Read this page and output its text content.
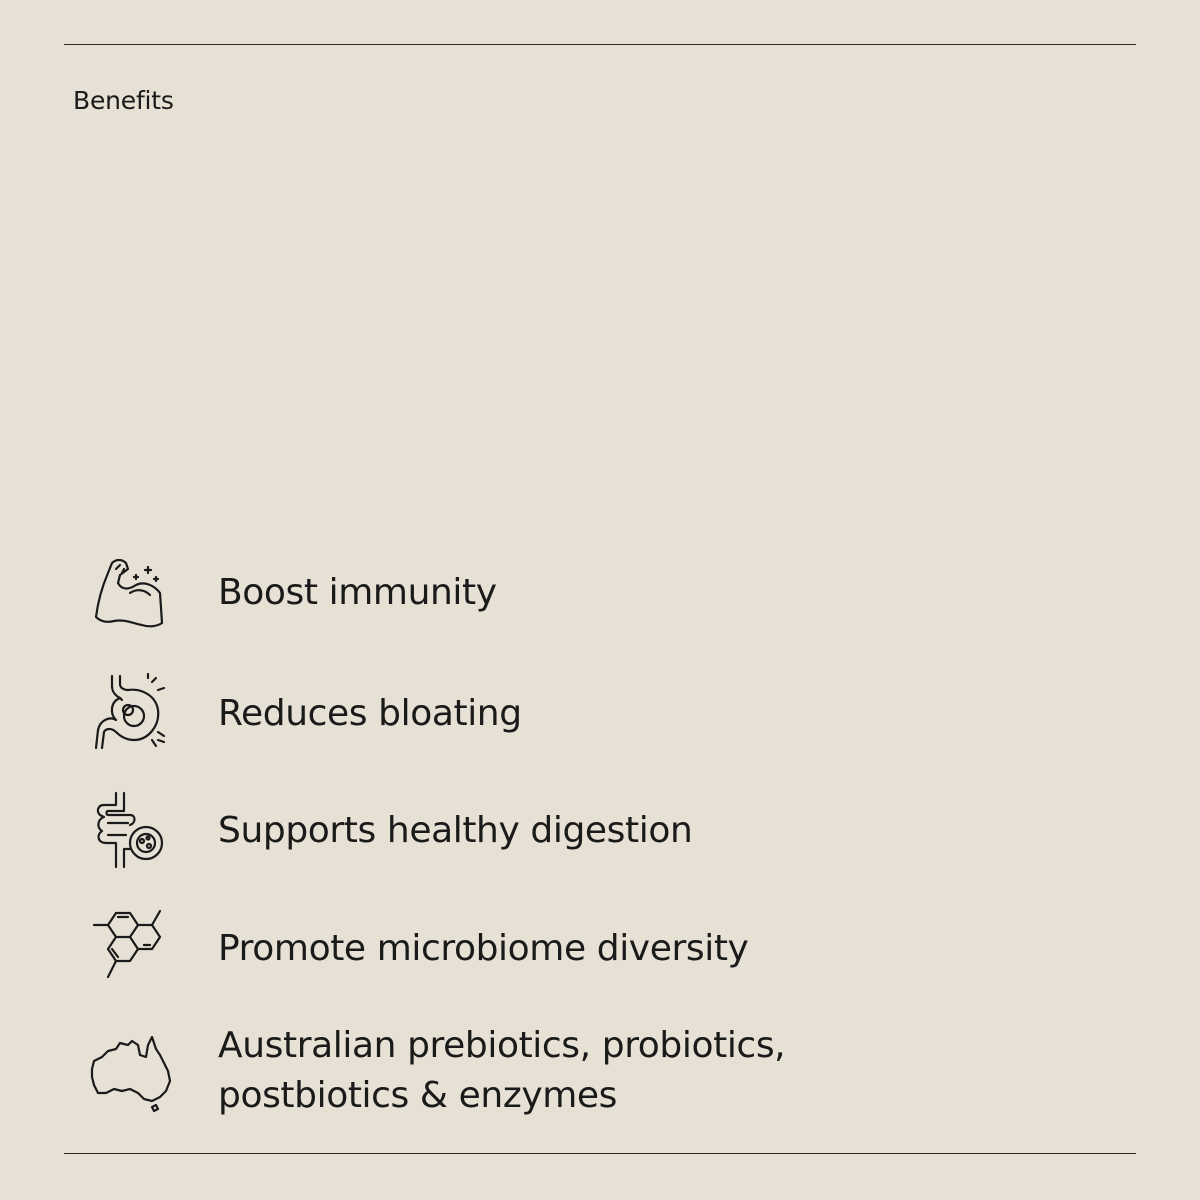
Benefits
Boost immunity
Reduces bloating
Supports healthy digestion
Promote microbiome diversity
Australian prebiotics, probiotics,
postbiotics & enzymes
